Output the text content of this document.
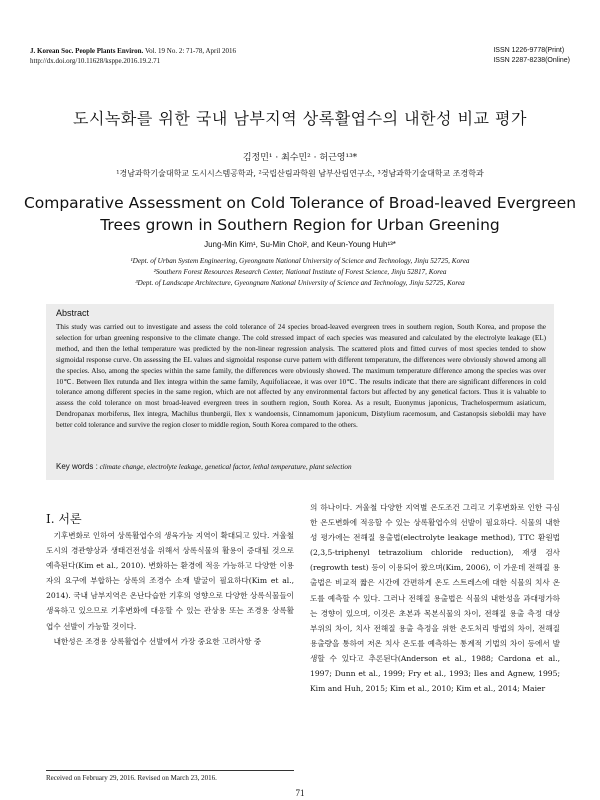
J. Korean Soc. People Plants Environ. Vol. 19 No. 2: 71-78, April 2016
http://dx.doi.org/10.11628/ksppe.2016.19.2.71
ISSN 1226-9778(Print)
ISSN 2287-8238(Online)
도시녹화를 위한 국내 남부지역 상록활엽수의 내한성 비교 평가
김정민¹ · 최수민² · 허근영¹³*
¹경남과학기술대학교 도시시스템공학과, ²국립산림과학원 남부산림연구소, ³경남과학기술대학교 조경학과
Comparative Assessment on Cold Tolerance of Broad-leaved Evergreen
Trees grown in Southern Region for Urban Greening
Jung-Min Kim¹, Su-Min Choi², and Keun-Young Huh¹³*
¹Dept. of Urban System Engineering, Gyeongnam National University of Science and Technology, Jinju 52725, Korea
²Southern Forest Resources Research Center, National Institute of Forest Science, Jinju 52817, Korea
³Dept. of Landscape Architecture, Gyeongnam National University of Science and Technology, Jinju 52725, Korea
Abstract
This study was carried out to investigate and assess the cold tolerance of 24 species broad-leaved evergreen trees in southern region, South Korea, and propose the selection for urban greening responsive to the climate change. The cold stressed impact of each species was measured and calculated by the electrolyte leakage (EL) method, and then the lethal temperature was predicted by the non-linear regression analysis. The scattered plots and fitted curves of most species tended to show sigmoidal response curve. On assessing the EL values and sigmoidal response curve pattern with different temperature, the differences were obviously showed among all the species. Also, among the species within the same family, the differences were obviously showed. The maximum temperature difference among the species was over 10℃. Between Ilex rutunda and Ilex integra within the same family, Aquifoliaceae, it was over 10℃. The results indicate that there are significant differences in cold tolerance among different species in the same region, which are not affected by any environmental factors but affected by any genetical factors. Thus it is valuable to assess the cold tolerance on most broad-leaved evergreen trees in southern region, South Korea. As a result, Euonymus japonicus, Trachelospermum asiaticum, Dendropanax morbiferus, Ilex integra, Machilus thunbergii, Ilex x wandoensis, Cinnamomum japonicum, Distylium racemosum, and Castanopsis sieboldii may have better cold tolerance and survive the region closer to middle region, South Korea compared to the others.
Key words : climate change, electrolyte leakage, genetical factor, lethal temperature, plant selection
Ⅰ. 서론

기후변화로 인하여 상록활엽수의 생육가능 지역이 확대되고 있다. 겨울철 도시의 경관향상과 생태건전성을 위해서 상록식물의 활용이 증대될 것으로 예측된다(Kim et al., 2010). 변화하는 환경에 적응 가능하고 다양한 이용자의 요구에 부합하는 상록의 조경수 소재 발굴이 필요하다(Kim et al., 2014). 국내 남부지역은 온난다습한 기후의 영향으로 다양한 상록식물들이 생육하고 있으므로 기후변화에 대응할 수 있는 관상용 또는 조경용 상록활엽수 선발이 가능할 것이다.

내한성은 조경용 상록활엽수 선발에서 가장 중요한 고려사항 중

의 하나이다. 겨울철 다양한 지역별 온도조건 그리고 기후변화로 인한 극심한 온도변화에 적응할 수 있는 상록활엽수의 선발이 필요하다. 식물의 내한성 평가에는 전해질 용출법(electrolyte leakage method), TTC 환원법(2,3,5-triphenyl tetrazolium chloride reduction), 재생 검사(regrowth test) 등이 이용되어 왔으며(Kim, 2006), 이 가운데 전해질 용출법은 비교적 짧은 시간에 간편하게 온도 스트레스에 대한 식물의 치사 온도를 예측할 수 있다. 그러나 전해질 용출법은 식물의 내한성을 과대평가하는 경향이 있으며, 이것은 초본과 목본식물의 차이, 전해질 용출 측정 대상 부위의 차이, 치사 전해질 용출 측정을 위한 온도처리 방법의 차이, 전해질 용출량을 통하여 저온 치사 온도를 예측하는 통계적 기법의 차이 등에서 발생할 수 있다고 추론된다(Anderson et al., 1988; Cardona et al., 1997; Dunn et al., 1999; Fry et al., 1993; Iles and Agnew, 1995; Kim and Huh, 2015; Kim et al., 2010; Kim et al., 2014; Maier

Received on February 29, 2016. Revised on March 23, 2016.
71
